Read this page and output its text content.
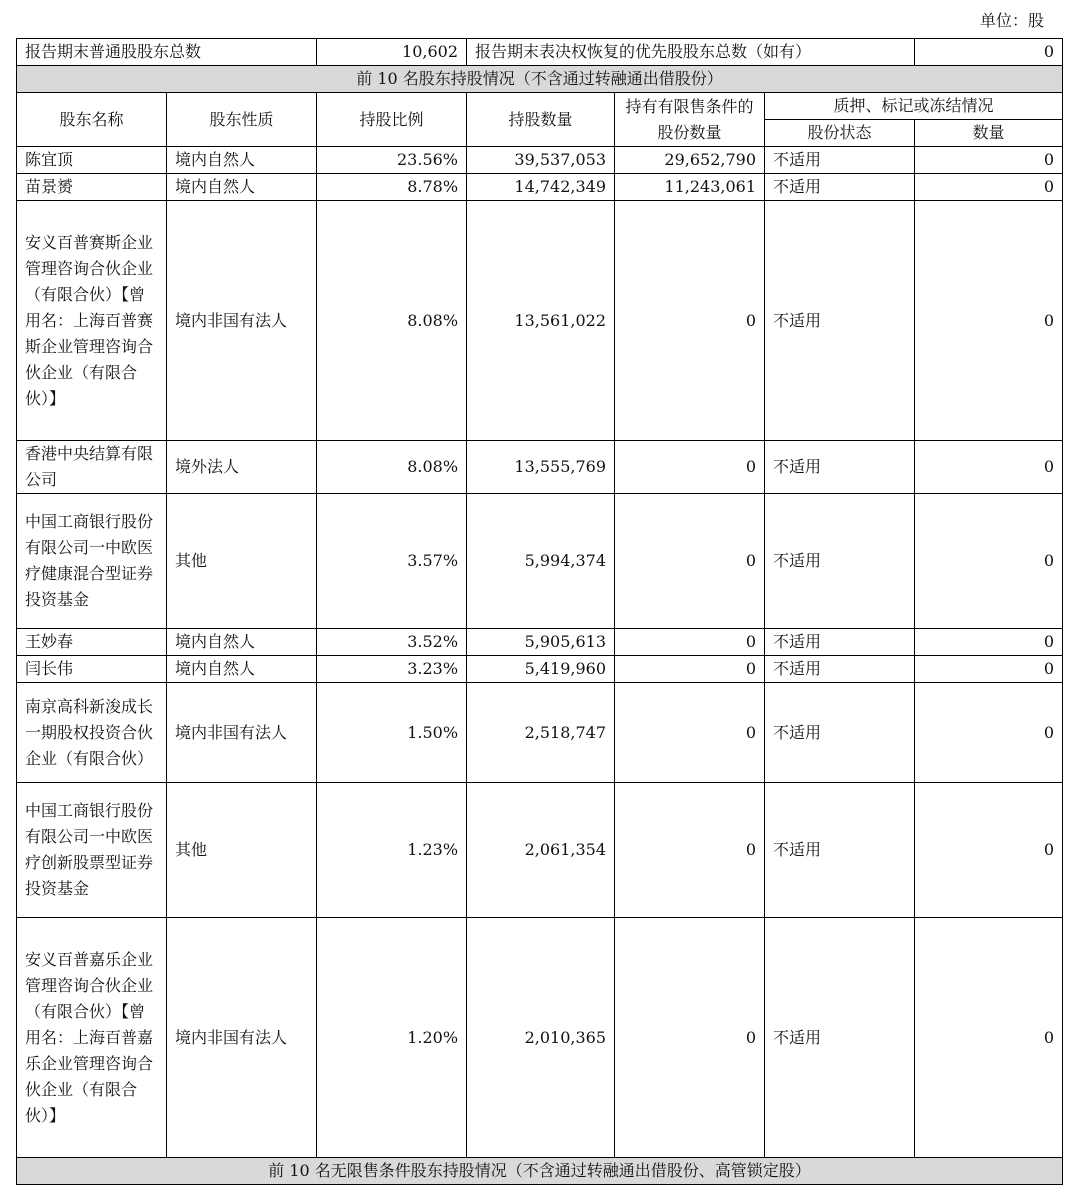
单位：股
报告期末普通股股东总数		10,602	报告期末表决权恢复的优先股股东总数（如有）			0
前 10 名股东持股情况（不含通过转融通出借股份）						
股东名称	股东性质	持股比例	持股数量	持有有限售条件的股份数量	质押、标记或冻结情况	
					股份状态	数量
陈宜顶	境内自然人	23.56%	39,537,053	29,652,790	不适用	0
苗景赟	境内自然人	8.78%	14,742,349	11,243,061	不适用	0
安义百普赛斯企业管理咨询合伙企业（有限合伙）【曾用名：上海百普赛斯企业管理咨询合伙企业（有限合伙）】	境内非国有法人	8.08%	13,561,022	0	不适用	0
香港中央结算有限公司	境外法人	8.08%	13,555,769	0	不适用	0
中国工商银行股份有限公司一中欧医疗健康混合型证券投资基金	其他	3.57%	5,994,374	0	不适用	0
王妙春	境内自然人	3.52%	5,905,613	0	不适用	0
闫长伟	境内自然人	3.23%	5,419,960	0	不适用	0
南京高科新浚成长一期股权投资合伙企业（有限合伙）	境内非国有法人	1.50%	2,518,747	0	不适用	0
中国工商银行股份有限公司一中欧医疗创新股票型证券投资基金	其他	1.23%	2,061,354	0	不适用	0
安义百普嘉乐企业管理咨询合伙企业（有限合伙）【曾用名：上海百普嘉乐企业管理咨询合伙企业（有限合伙）】	境内非国有法人	1.20%	2,010,365	0	不适用	0
前 10 名无限售条件股东持股情况（不含通过转融通出借股份、高管锁定股）						
